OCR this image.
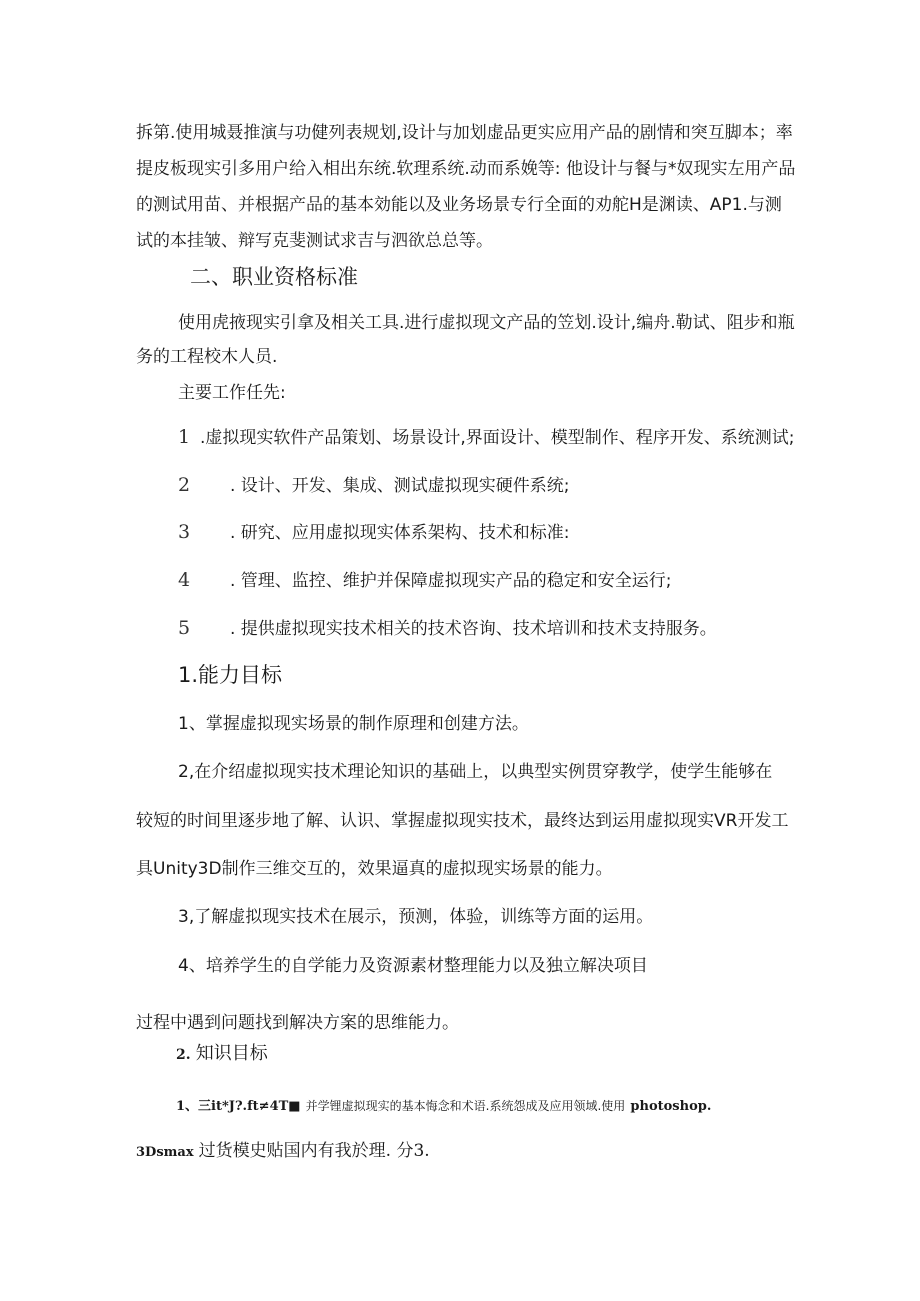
拆第.使用城聂推演与功健列表规划,设计与加划虚品更实应用产品的剧情和突互脚本；率

提皮板现实引多用户给入相出东统.软理系统.动而系娩等: 他设计与餐与*奴现实左用产品

的测试用苗、并根据产品的基本効能以及业务场景专行全面的劝舵H是渊读、AP1.与测

试的本挂皱、辩写克斐测试求吉与泗欲总总等。

二、职业资格标准

使用虎掖现实引拿及相关工具.进行虚拟现文产品的笠划.设计,编舟.勒试、阻步和瓶

务的工程校木人员.

主要工作任先:

1 .虚拟现实软件产品策划、场景设计,界面设计、模型制作、程序开发、系统测试;
2 . 设计、开发、集成、测试虚拟现实硬件系统;
3 . 研究、应用虚拟现实体系架构、技术和标准:
4 . 管理、监控、维护并保障虚拟现实产品的稳定和安全运行;
5 . 提供虚拟现实技术相关的技术咨询、技术培训和技术支持服务。
1.能力目标

1、掌握虚拟现实场景的制作原理和创建方法。

2,在介绍虚拟现实技术理论知识的基础上，以典型实例贯穿教学，使学生能够在

较短的时间里逐步地了解、认识、掌握虚拟现实技术，最终达到运用虚拟现实VR开发工

具Unity3D制作三维交互的，效果逼真的虚拟现实场景的能力。

3,了解虚拟现实技术在展示，预测，体验，训练等方面的运用。

4、培养学生的自学能力及资源素材整理能力以及独立解决项目

过程中遇到问题找到解决方案的思维能力。

2. 知识目标
1、三it*J?.ft≠4T■ 并学锂虚拟现实的基本悔念和术语.系统怨成及应用领域.使用 photoshop.
3Dsmax 过货模史贴国内有我於理. 分3.
